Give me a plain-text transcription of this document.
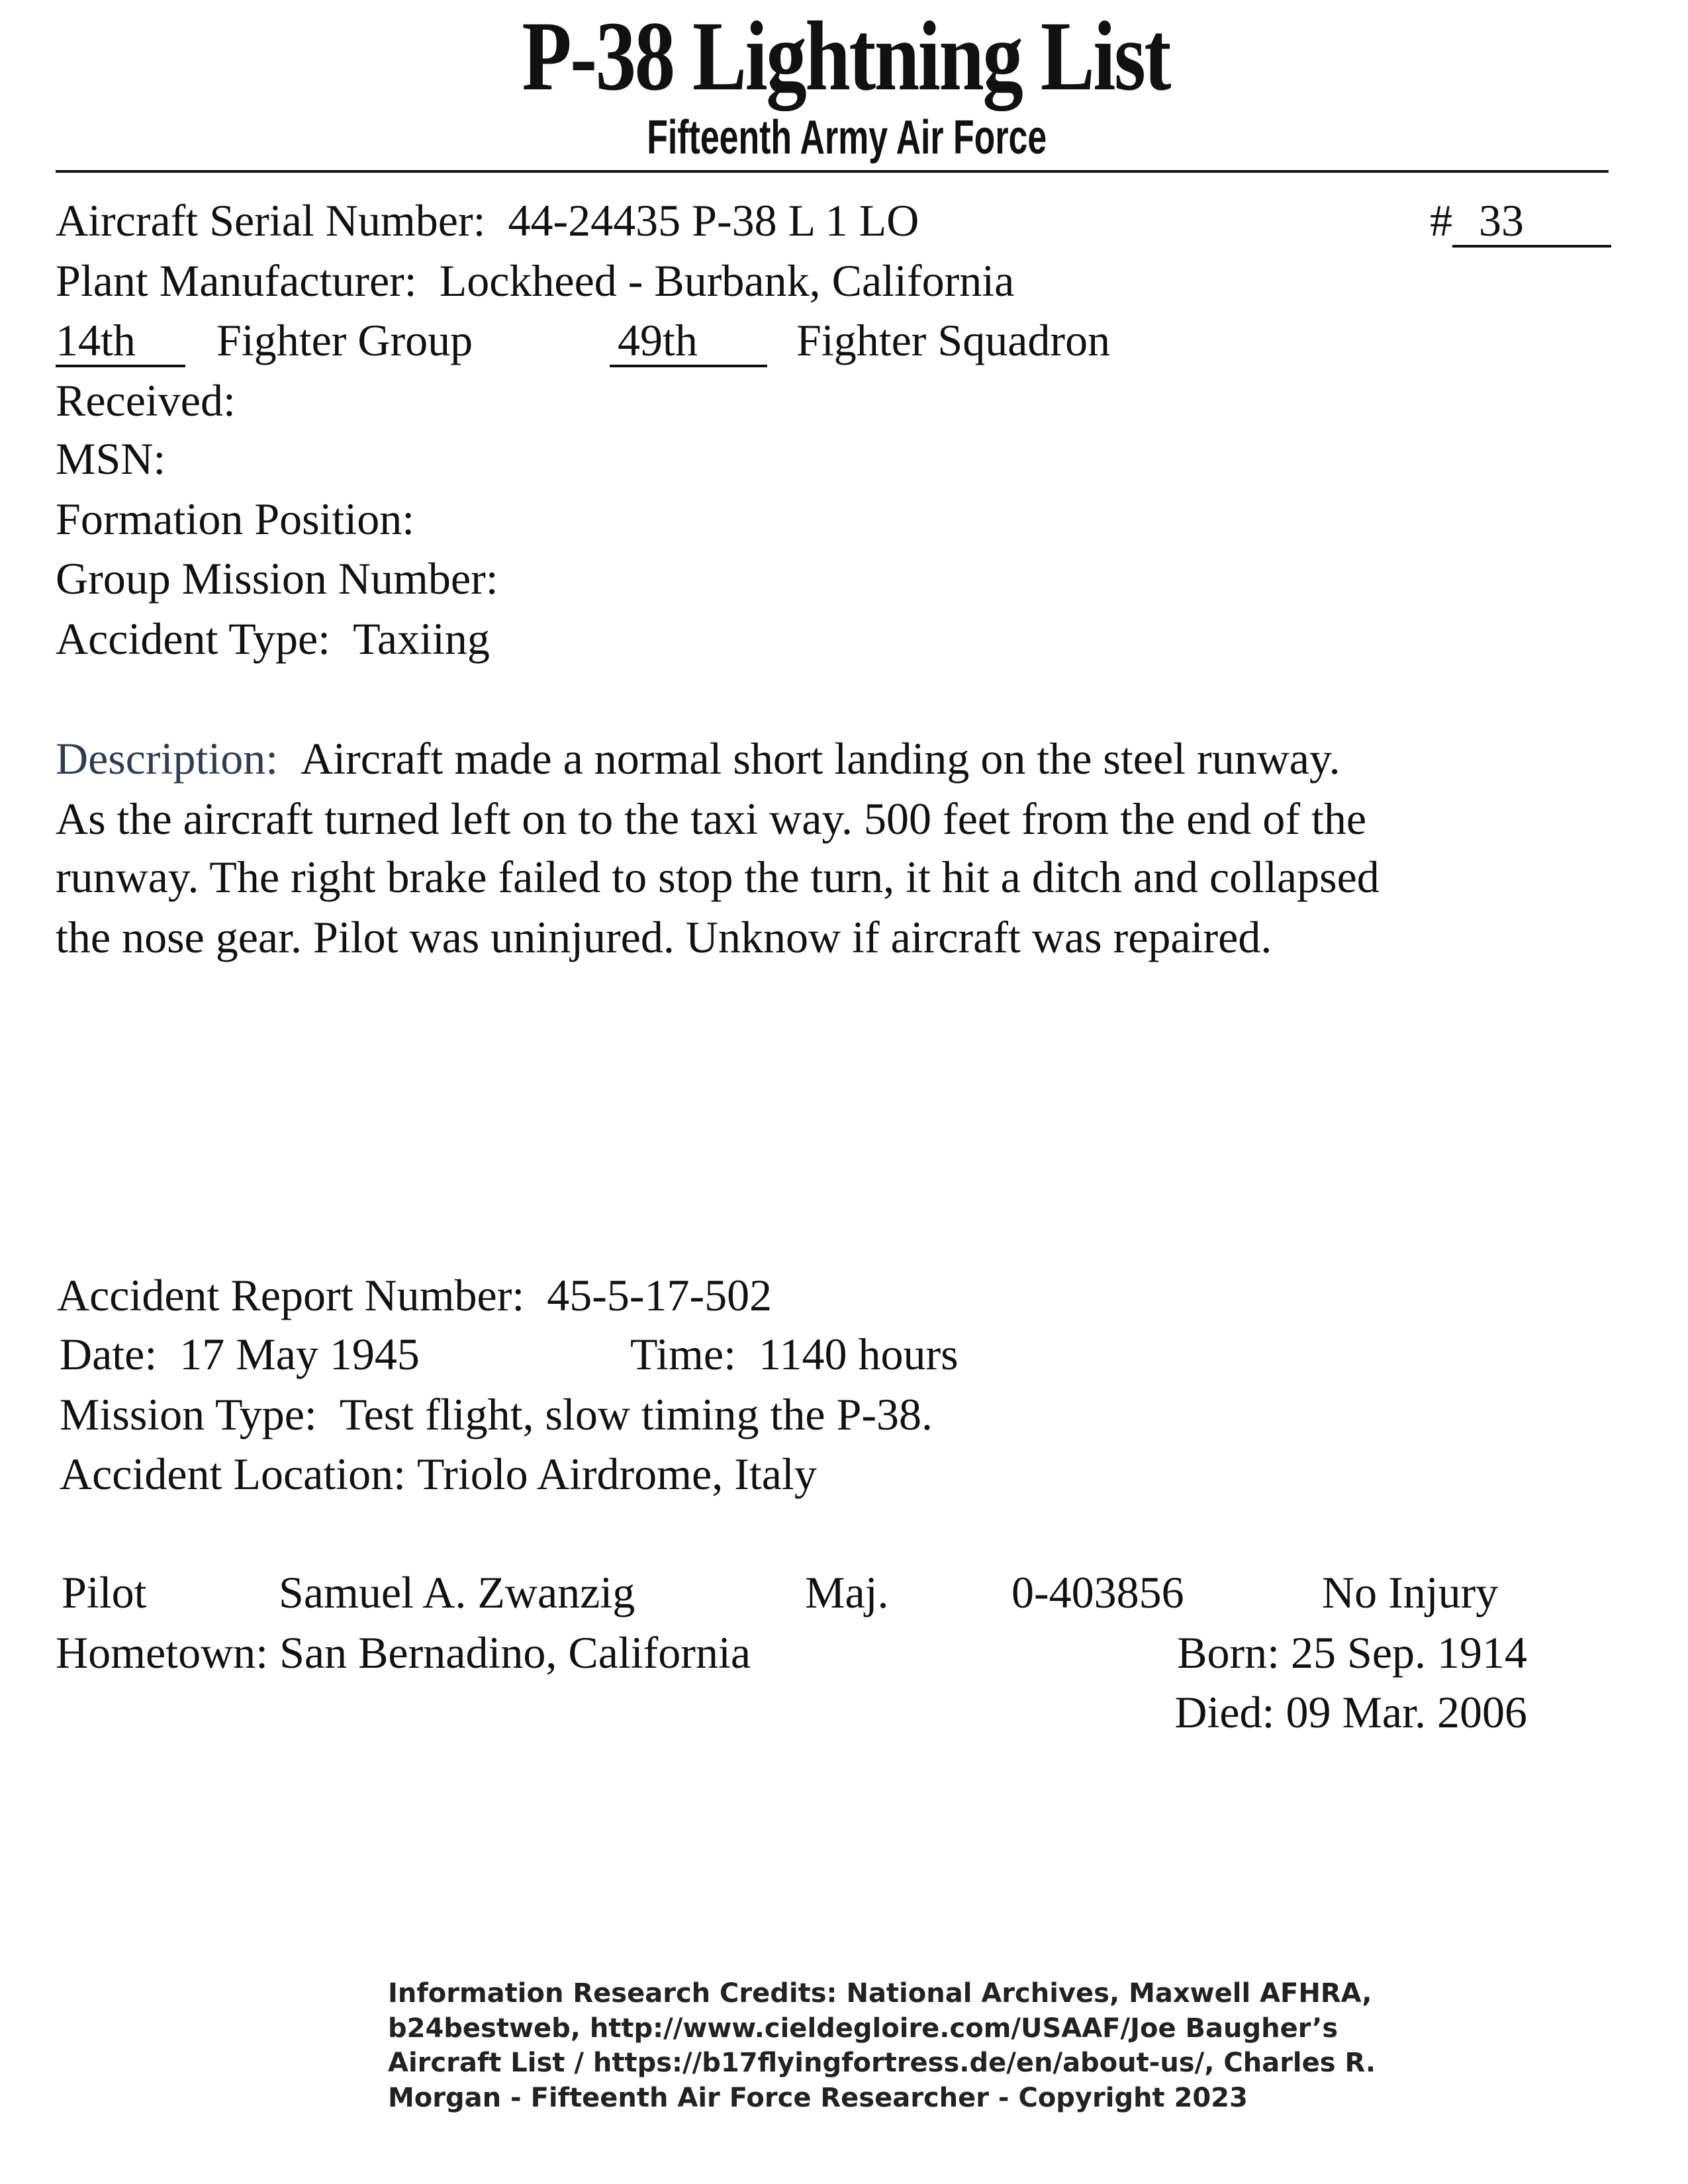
P-38 Lightning List
Fifteenth Army Air Force
Aircraft Serial Number: 44-24435 P-38 L 1 LO	# 33
Plant Manufacturer: Lockheed - Burbank, California
14th	Fighter Group	49th	Fighter Squadron
Received:
MSN:
Formation Position:
Group Mission Number:
Accident Type: Taxiing
Description: Aircraft made a normal short landing on the steel runway.
As the aircraft turned left on to the taxi way. 500 feet from the end of the
runway. The right brake failed to stop the turn, it hit a ditch and collapsed
the nose gear. Pilot was uninjured. Unknow if aircraft was repaired.
Accident Report Number: 45-5-17-502
Date: 17 May 1945	Time: 1140 hours
Mission Type: Test flight, slow timing the P-38.
Accident Location: Triolo Airdrome, Italy
Pilot	Samuel A. Zwanzig	Maj.	0-403856	No Injury
Hometown: San Bernadino, California	Born: 25 Sep. 1914
Died: 09 Mar. 2006
Information Research Credits: National Archives, Maxwell AFHRA,
b24bestweb, http://www.cieldegloire.com/USAAF/Joe Baugher’s
Aircraft List / https://b17flyingfortress.de/en/about-us/, Charles R.
Morgan - Fifteenth Air Force Researcher - Copyright 2023
